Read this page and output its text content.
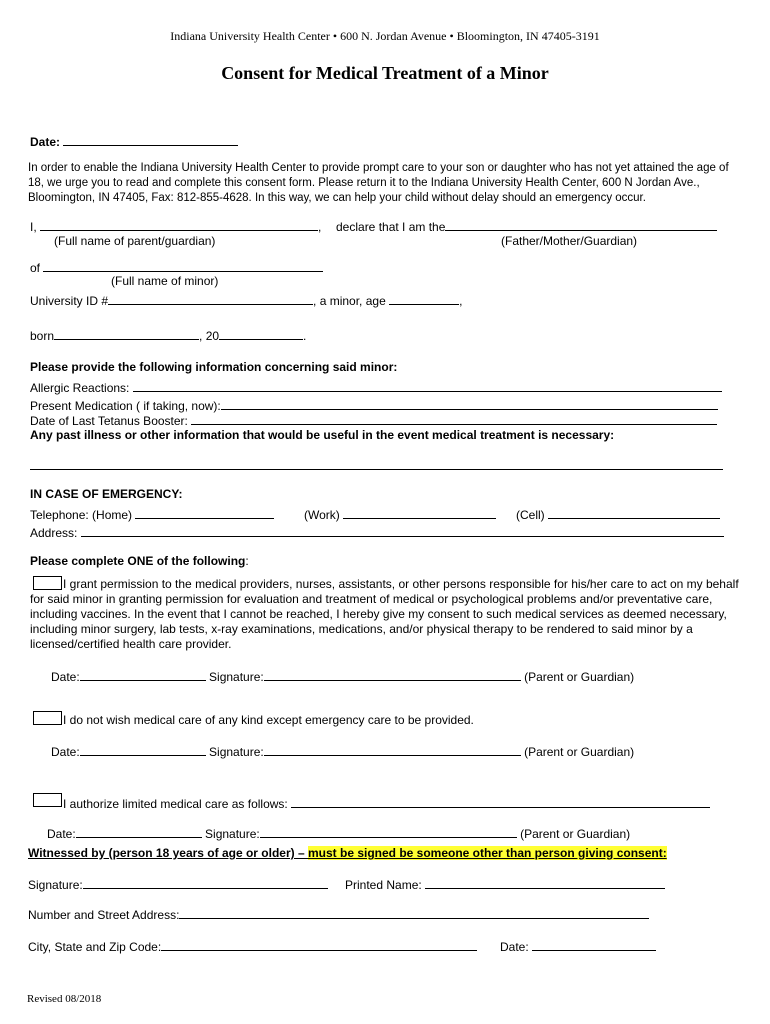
Indiana University Health Center • 600 N. Jordan Avenue • Bloomington, IN 47405-3191
Consent for Medical Treatment of a Minor
Date:
In order to enable the Indiana University Health Center to provide prompt care to your son or daughter who has not yet attained the age of 18, we urge you to read and complete this consent form. Please return it to the Indiana University Health Center, 600 N Jordan Ave., Bloomington, IN 47405, Fax: 812-855-4628. In this way, we can help your child without delay should an emergency occur.
I,	, declare that I am the
(Full name of parent/guardian)	(Father/Mother/Guardian)
of
(Full name of minor)
University ID #	, a minor, age	,
born	, 20	.
Please provide the following information concerning said minor:
Allergic Reactions:
Present Medication ( if taking, now):
Date of Last Tetanus Booster:
Any past illness or other information that would be useful in the event medical treatment is necessary:
IN CASE OF EMERGENCY:
Telephone: (Home)	(Work)	(Cell)
Address:
Please complete ONE of the following:
I grant permission to the medical providers, nurses, assistants, or other persons responsible for his/her care to act on my behalf for said minor in granting permission for evaluation and treatment of medical or psychological problems and/or preventative care, including vaccines. In the event that I cannot be reached, I hereby give my consent to such medical services as deemed necessary, including minor surgery, lab tests, x-ray examinations, medications, and/or physical therapy to be rendered to said minor by a licensed/certified health care provider.
Date:	Signature:	(Parent or Guardian)
I do not wish medical care of any kind except emergency care to be provided.
Date:	Signature:	(Parent or Guardian)
I authorize limited medical care as follows:
Date:	Signature:	(Parent or Guardian)
Witnessed by (person 18 years of age or older) – must be signed be someone other than person giving consent:
Signature:	Printed Name:
Number and Street Address:
City, State and Zip Code:	Date:
Revised 08/2018
